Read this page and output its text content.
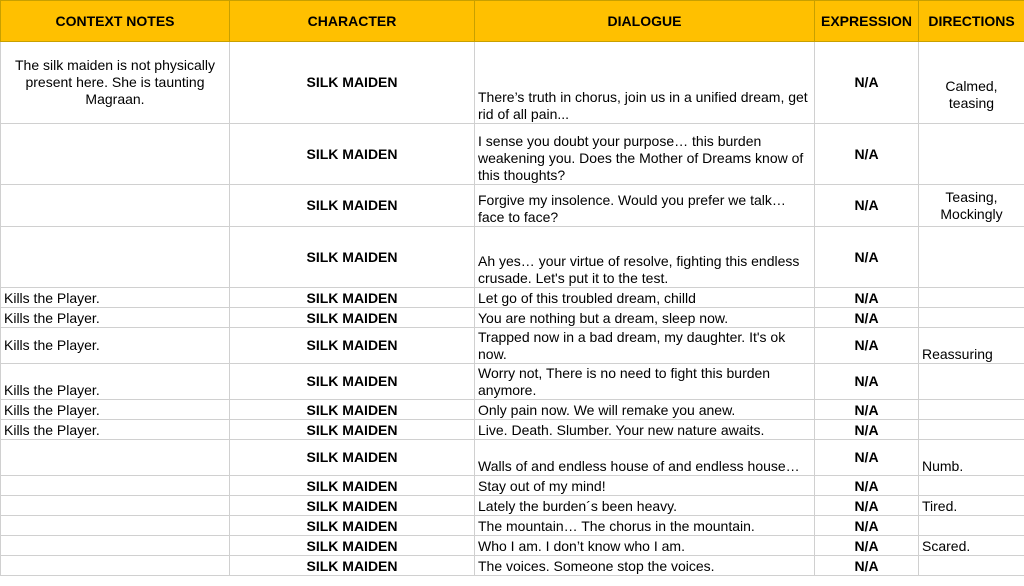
CONTEXT NOTES	CHARACTER	DIALOGUE	EXPRESSION	DIRECTIONS
The silk maiden is not physically present here. She is taunting Magraan.	SILK MAIDEN	There’s truth in chorus, join us in a unified dream, get rid of all pain...	N/A	Calmed, teasing
	SILK MAIDEN	I sense you doubt your purpose… this burden weakening you. Does the Mother of Dreams know of this thoughts?	N/A	
	SILK MAIDEN	Forgive my insolence. Would you prefer we talk… face to face?	N/A	Teasing, Mockingly
	SILK MAIDEN	Ah yes… your virtue of resolve, fighting this endless crusade. Let's put it to the test.	N/A	
Kills the Player.	SILK MAIDEN	Let go of this troubled dream, chilld	N/A	
Kills the Player.	SILK MAIDEN	You are nothing but a dream, sleep now.	N/A	
Kills the Player.	SILK MAIDEN	Trapped now in a bad dream, my daughter. It's ok now.	N/A	Reassuring
Kills the Player.	SILK MAIDEN	Worry not, There is no need to fight this burden anymore.	N/A	
Kills the Player.	SILK MAIDEN	Only pain now. We will remake you anew.	N/A	
Kills the Player.	SILK MAIDEN	Live. Death. Slumber. Your new nature awaits.	N/A	
	SILK MAIDEN	Walls of and endless house of and endless house…	N/A	Numb.
	SILK MAIDEN	Stay out of my mind!	N/A	
	SILK MAIDEN	Lately the burden´s been heavy.	N/A	Tired.
	SILK MAIDEN	The mountain… The chorus in the mountain.	N/A	
	SILK MAIDEN	Who I am. I don’t know who I am.	N/A	Scared.
	SILK MAIDEN	The voices. Someone stop the voices.	N/A	
